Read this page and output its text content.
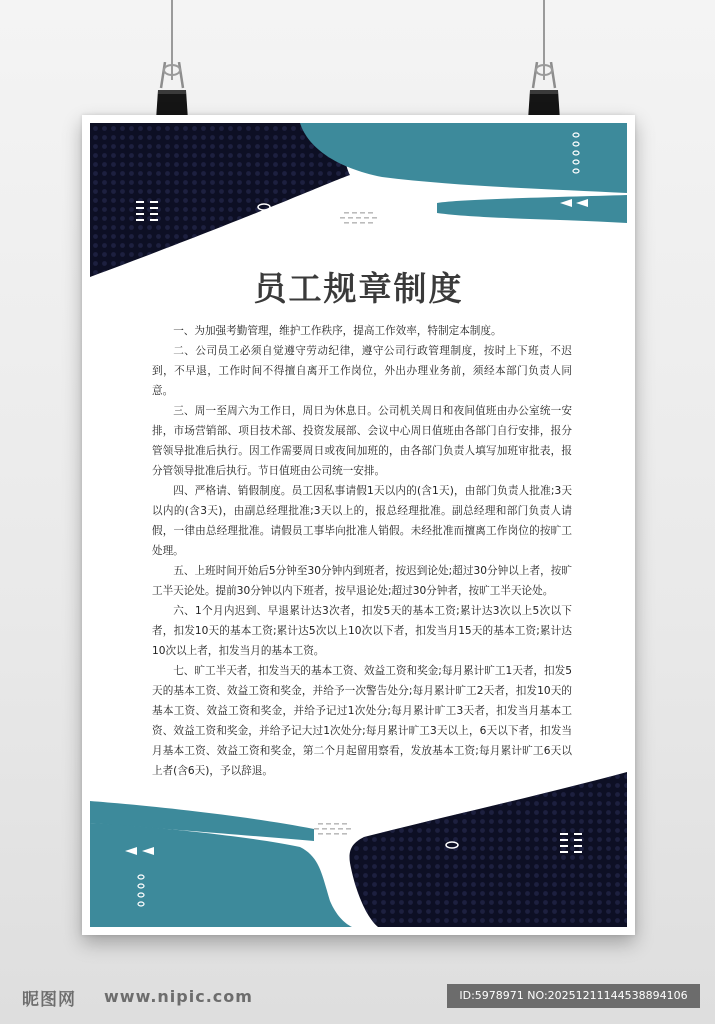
员工规章制度

一、为加强考勤管理，维护工作秩序，提高工作效率，特制定本制度。

二、公司员工必须自觉遵守劳动纪律，遵守公司行政管理制度，按时上下班，不迟到，不早退，工作时间不得擅自离开工作岗位，外出办理业务前，须经本部门负责人同意。

三、周一至周六为工作日，周日为休息日。公司机关周日和夜间值班由办公室统一安排，市场营销部、项目技术部、投资发展部、会议中心周日值班由各部门自行安排，报分管领导批准后执行。因工作需要周日或夜间加班的，由各部门负责人填写加班审批表，报分管领导批准后执行。节日值班由公司统一安排。

四、严格请、销假制度。员工因私事请假1天以内的(含1天)，由部门负责人批准;3天以内的(含3天)，由副总经理批准;3天以上的，报总经理批准。副总经理和部门负责人请假，一律由总经理批准。请假员工事毕向批准人销假。未经批准而擅离工作岗位的按旷工处理。

五、上班时间开始后5分钟至30分钟内到班者，按迟到论处;超过30分钟以上者，按旷工半天论处。提前30分钟以内下班者，按早退论处;超过30分钟者，按旷工半天论处。

六、1个月内迟到、早退累计达3次者，扣发5天的基本工资;累计达3次以上5次以下者，扣发10天的基本工资;累计达5次以上10次以下者，扣发当月15天的基本工资;累计达10次以上者，扣发当月的基本工资。

七、旷工半天者，扣发当天的基本工资、效益工资和奖金;每月累计旷工1天者，扣发5天的基本工资、效益工资和奖金，并给予一次警告处分;每月累计旷工2天者，扣发10天的基本工资、效益工资和奖金，并给予记过1次处分;每月累计旷工3天者，扣发当月基本工资、效益工资和奖金，并给予记大过1次处分;每月累计旷工3天以上，6天以下者，扣发当月基本工资、效益工资和奖金，第二个月起留用察看，发放基本工资;每月累计旷工6天以上者(含6天)，予以辞退。

昵图网 www.nipic.com	ID:5978971 NO:20251211144538894106
